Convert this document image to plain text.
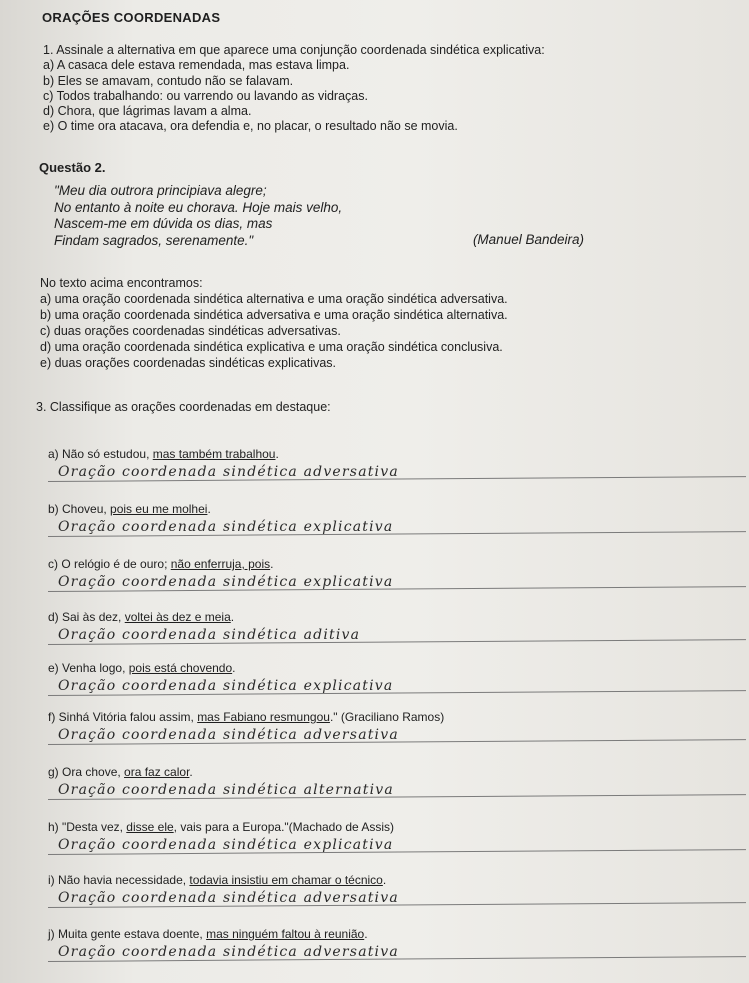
ORAÇÕES COORDENADAS
1. Assinale a alternativa em que aparece uma conjunção coordenada sindética explicativa:
a) A casaca dele estava remendada, mas estava limpa.
b) Eles se amavam, contudo não se falavam.
c) Todos trabalhando: ou varrendo ou lavando as vidraças.
d) Chora, que lágrimas lavam a alma.
e) O time ora atacava, ora defendia e, no placar, o resultado não se movia.
Questão 2.
"Meu dia outrora principiava alegre;
No entanto à noite eu chorava. Hoje mais velho,
Nascem-me em dúvida os dias, mas
Findam sagrados, serenamente."	(Manuel Bandeira)
No texto acima encontramos:
a) uma oração coordenada sindética alternativa e uma oração sindética adversativa.
b) uma oração coordenada sindética adversativa e uma oração sindética alternativa.
c) duas orações coordenadas sindéticas adversativas.
d) uma oração coordenada sindética explicativa e uma oração sindética conclusiva.
e) duas orações coordenadas sindéticas explicativas.
3. Classifique as orações coordenadas em destaque:
a) Não só estudou, mas também trabalhou.
Oração coordenada sindética adversativa
b) Choveu, pois eu me molhei.
Oração coordenada sindética explicativa
c) O relógio é de ouro; não enferruja, pois.
Oração coordenada sindética explicativa
d) Sai às dez, voltei às dez e meia.
Oração coordenada sindética aditiva
e) Venha logo, pois está chovendo.
Oração coordenada sindética explicativa
f) Sinhá Vitória falou assim, mas Fabiano resmungou." (Graciliano Ramos)
Oração coordenada sindética adversativa
g) Ora chove, ora faz calor.
Oração coordenada sindética alternativa
h) "Desta vez, disse ele, vais para a Europa."(Machado de Assis)
Oração coordenada sindética explicativa
i) Não havia necessidade, todavia insistiu em chamar o técnico.
Oração coordenada sindética adversativa
j) Muita gente estava doente, mas ninguém faltou à reunião.
Oração coordenada sindética adversativa
